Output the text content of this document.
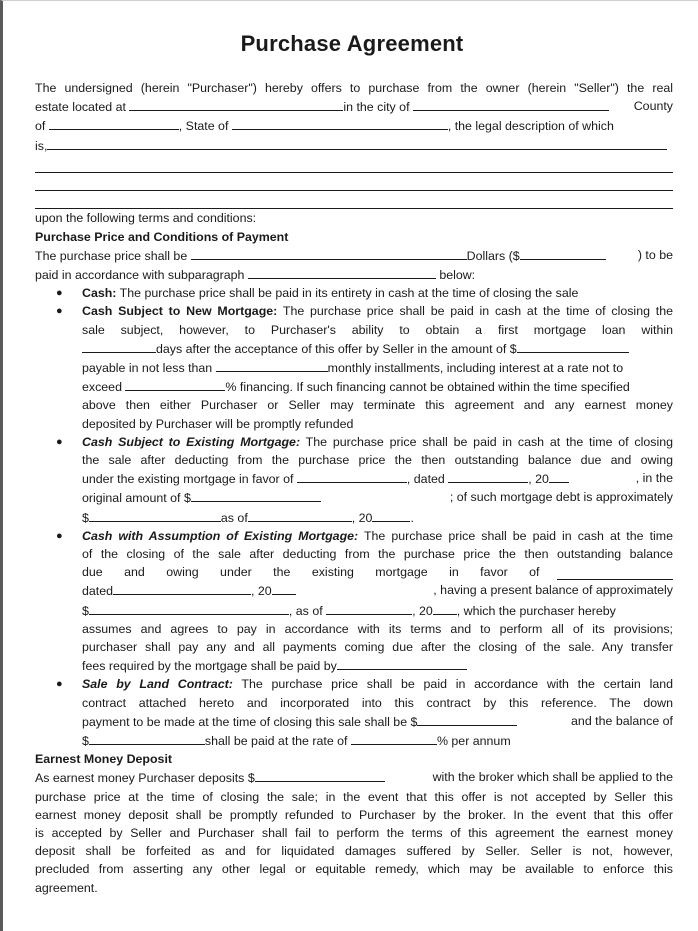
Purchase Agreement
The undersigned (herein "Purchaser") hereby offers to purchase from the owner (herein "Seller") the real
estate located at	in the city of	County
of	, State of	, the legal description of which
is,
upon the following terms and conditions:
Purchase Price and Conditions of Payment
The purchase price shall be	Dollars ($	) to be
paid in accordance with subparagraph	below:
● Cash: The purchase price shall be paid in its entirety in cash at the time of closing the sale
● Cash Subject to New Mortgage: The purchase price shall be paid in cash at the time of closing the
sale subject, however, to Purchaser's ability to obtain a first mortgage loan within
days after the acceptance of this offer by Seller in the amount of $
payable in not less than	monthly installments, including interest at a rate not to
exceed	% financing. If such financing cannot be obtained within the time specified
above then either Purchaser or Seller may terminate this agreement and any earnest money
deposited by Purchaser will be promptly refunded
● Cash Subject to Existing Mortgage: The purchase price shall be paid in cash at the time of closing
the sale after deducting from the purchase price the then outstanding balance due and owing
under the existing mortgage in favor of	, dated	, 20	, in the
original amount of $	; of such mortgage debt is approximately
$	as of	, 20	.
● Cash with Assumption of Existing Mortgage: The purchase price shall be paid in cash at the time
of the closing of the sale after deducting from the purchase price the then outstanding balance
due and owing under the existing mortgage in favor of
dated	, 20	, having a present balance of approximately
$	, as of	, 20 , which the purchaser hereby
assumes and agrees to pay in accordance with its terms and to perform all of its provisions;
purchaser shall pay any and all payments coming due after the closing of the sale. Any transfer
fees required by the mortgage shall be paid by
● Sale by Land Contract: The purchase price shall be paid in accordance with the certain land
contract attached hereto and incorporated into this contract by this reference. The down
payment to be made at the time of closing this sale shall be $	and the balance of
$	shall be paid at the rate of	% per annum
Earnest Money Deposit
As earnest money Purchaser deposits $	with the broker which shall be applied to the
purchase price at the time of closing the sale; in the event that this offer is not accepted by Seller this
earnest money deposit shall be promptly refunded to Purchaser by the broker. In the event that this offer
is accepted by Seller and Purchaser shall fail to perform the terms of this agreement the earnest money
deposit shall be forfeited as and for liquidated damages suffered by Seller. Seller is not, however,
precluded from asserting any other legal or equitable remedy, which may be available to enforce this
agreement.
